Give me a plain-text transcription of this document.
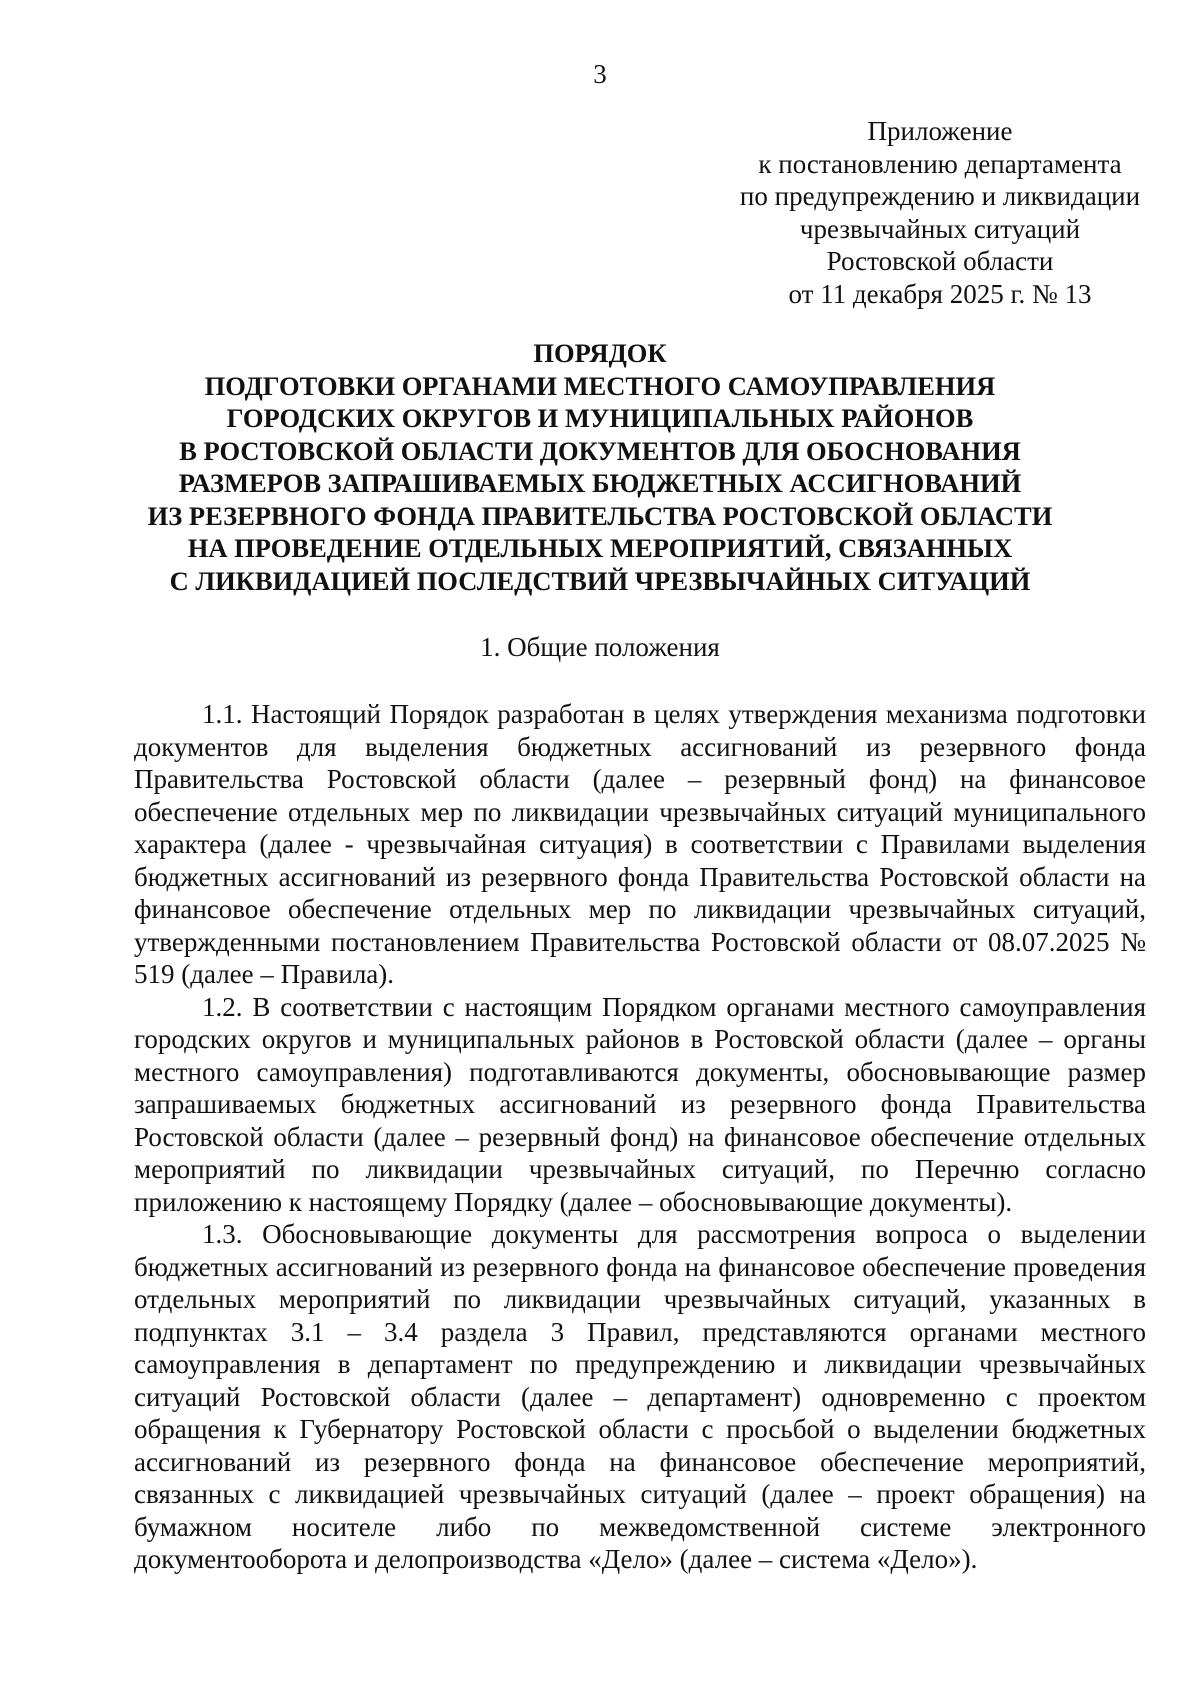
3
Приложение
к постановлению департамента
по предупреждению и ликвидации
чрезвычайных ситуаций
Ростовской области
от 11 декабря 2025 г. № 13
ПОРЯДОК
ПОДГОТОВКИ ОРГАНАМИ МЕСТНОГО САМОУПРАВЛЕНИЯ
ГОРОДСКИХ ОКРУГОВ И МУНИЦИПАЛЬНЫХ РАЙОНОВ
В РОСТОВСКОЙ ОБЛАСТИ ДОКУМЕНТОВ ДЛЯ ОБОСНОВАНИЯ
РАЗМЕРОВ ЗАПРАШИВАЕМЫХ БЮДЖЕТНЫХ АССИГНОВАНИЙ
ИЗ РЕЗЕРВНОГО ФОНДА ПРАВИТЕЛЬСТВА РОСТОВСКОЙ ОБЛАСТИ
НА ПРОВЕДЕНИЕ ОТДЕЛЬНЫХ МЕРОПРИЯТИЙ, СВЯЗАННЫХ
С ЛИКВИДАЦИЕЙ ПОСЛЕДСТВИЙ ЧРЕЗВЫЧАЙНЫХ СИТУАЦИЙ
1. Общие положения

1.1. Настоящий Порядок разработан в целях утверждения механизма подготовки документов для выделения бюджетных ассигнований из резервного фонда Правительства Ростовской области (далее – резервный фонд) на финансовое обеспечение отдельных мер по ликвидации чрезвычайных ситуаций муниципального характера (далее - чрезвычайная ситуация) в соответствии с Правилами выделения бюджетных ассигнований из резервного фонда Правительства Ростовской области на финансовое обеспечение отдельных мер по ликвидации чрезвычайных ситуаций, утвержденными постановлением Правительства Ростовской области от 08.07.2025 № 519 (далее – Правила).

1.2. В соответствии с настоящим Порядком органами местного самоуправления городских округов и муниципальных районов в Ростовской области (далее – органы местного самоуправления) подготавливаются документы, обосновывающие размер запрашиваемых бюджетных ассигнований из резервного фонда Правительства Ростовской области (далее – резервный фонд) на финансовое обеспечение отдельных мероприятий по ликвидации чрезвычайных ситуаций, по Перечню согласно приложению к настоящему Порядку (далее – обосновывающие документы).

1.3. Обосновывающие документы для рассмотрения вопроса о выделении бюджетных ассигнований из резервного фонда на финансовое обеспечение проведения отдельных мероприятий по ликвидации чрезвычайных ситуаций, указанных в подпунктах 3.1 – 3.4 раздела 3 Правил, представляются органами местного самоуправления в департамент по предупреждению и ликвидации чрезвычайных ситуаций Ростовской области (далее – департамент) одновременно с проектом обращения к Губернатору Ростовской области с просьбой о выделении бюджетных ассигнований из резервного фонда на финансовое обеспечение мероприятий, связанных с ликвидацией чрезвычайных ситуаций (далее – проект обращения) на бумажном носителе либо по межведомственной системе электронного документооборота и делопроизводства «Дело» (далее – система «Дело»).
